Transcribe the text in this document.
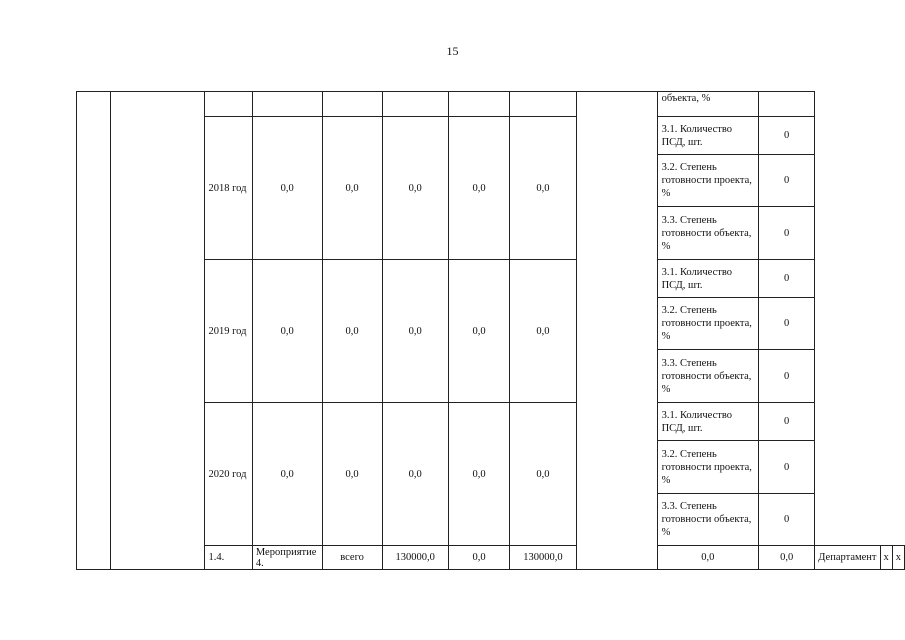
15
									объекта, %				
		2018 год	0,0	0,0	0,0	0,0	0,0		3.1. Количество ПСД, шт.	0			
									3.2. Степень готовности проекта, %	0			
									3.3. Степень готовности объекта, %	0			

		2019 год	0,0	0,0	0,0	0,0	0,0		3.1. Количество ПСД, шт.	0			
									3.2. Степень готовности проекта, %	0			
									3.3. Степень готовности объекта, %	0			
		2020 год	0,0	0,0	0,0	0,0	0,0		3.1. Количество ПСД, шт.	0			
									3.2. Степень готовности проекта, %	0			
									3.3. Степень готовности объекта, %	0			

		1.4.	Мероприятие 4.	всего	130000,0	0,0	130000,0		0,0	0,0	Департамент	х	х
